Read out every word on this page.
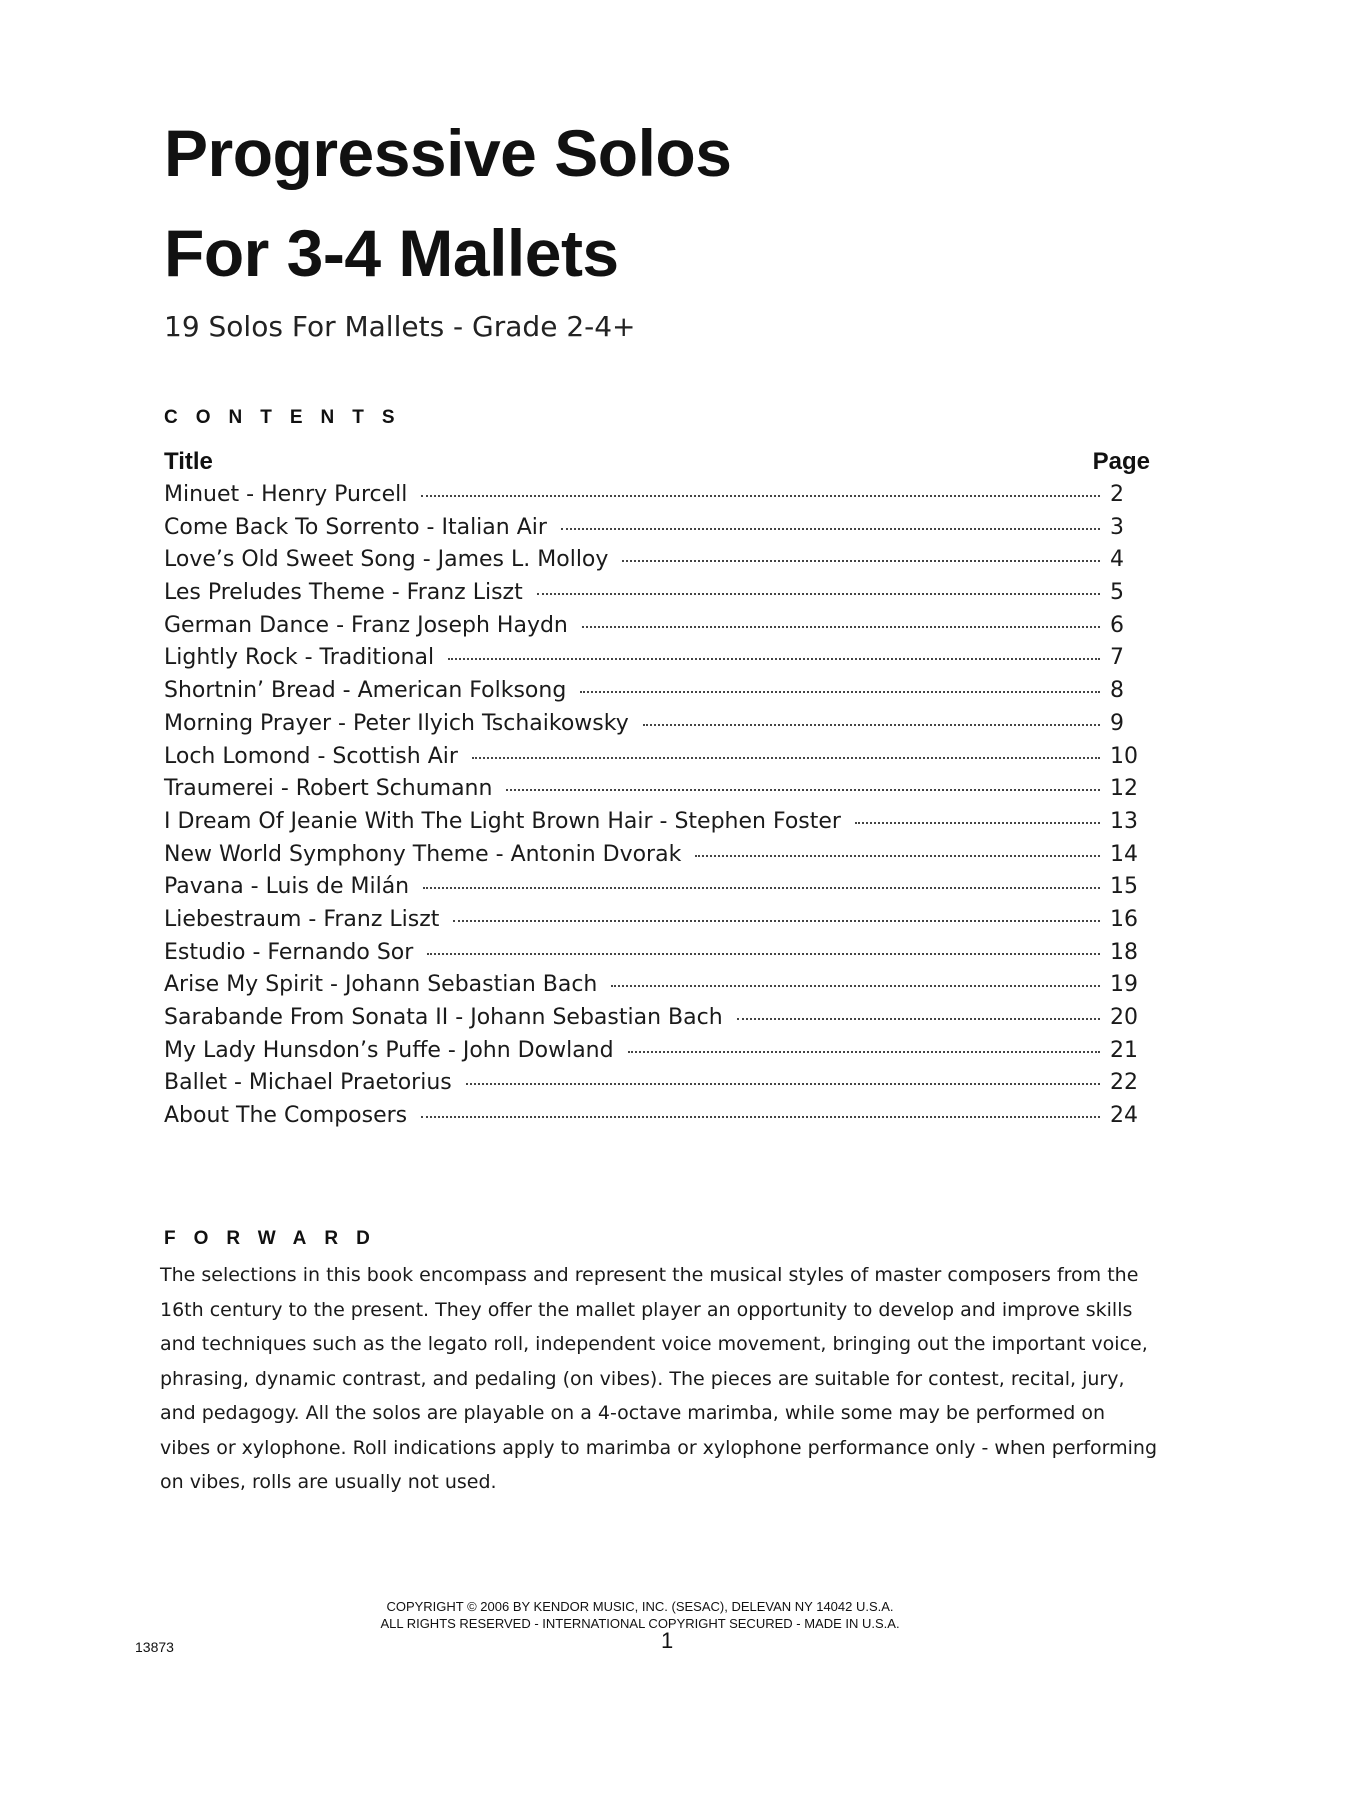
Progressive Solos
For 3-4 Mallets
19 Solos For Mallets - Grade 2-4+
CONTENTS
Title	Page
Minuet - Henry Purcell	2
Come Back To Sorrento - Italian Air	3
Love’s Old Sweet Song - James L. Molloy	4
Les Preludes Theme - Franz Liszt	5
German Dance - Franz Joseph Haydn	6
Lightly Rock - Traditional	7
Shortnin’ Bread - American Folksong	8
Morning Prayer - Peter Ilyich Tschaikowsky	9
Loch Lomond - Scottish Air	10
Traumerei - Robert Schumann	12
I Dream Of Jeanie With The Light Brown Hair - Stephen Foster	13
New World Symphony Theme - Antonin Dvorak	14
Pavana - Luis de Milán	15
Liebestraum - Franz Liszt	16
Estudio - Fernando Sor	18
Arise My Spirit - Johann Sebastian Bach	19
Sarabande From Sonata II - Johann Sebastian Bach	20
My Lady Hunsdon’s Puffe - John Dowland	21
Ballet - Michael Praetorius	22
About The Composers	24
FORWARD

The selections in this book encompass and represent the musical styles of master composers from the 16th century to the present. They offer the mallet player an opportunity to develop and improve skills and techniques such as the legato roll, independent voice movement, bringing out the important voice, phrasing, dynamic contrast, and pedaling (on vibes). The pieces are suitable for contest, recital, jury, and pedagogy. All the solos are playable on a 4-octave marimba, while some may be performed on vibes or xylophone. Roll indications apply to marimba or xylophone performance only - when performing on vibes, rolls are usually not used.

COPYRIGHT © 2006 BY KENDOR MUSIC, INC. (SESAC), DELEVAN NY 14042 U.S.A.
ALL RIGHTS RESERVED - INTERNATIONAL COPYRIGHT SECURED - MADE IN U.S.A.
13873	1
